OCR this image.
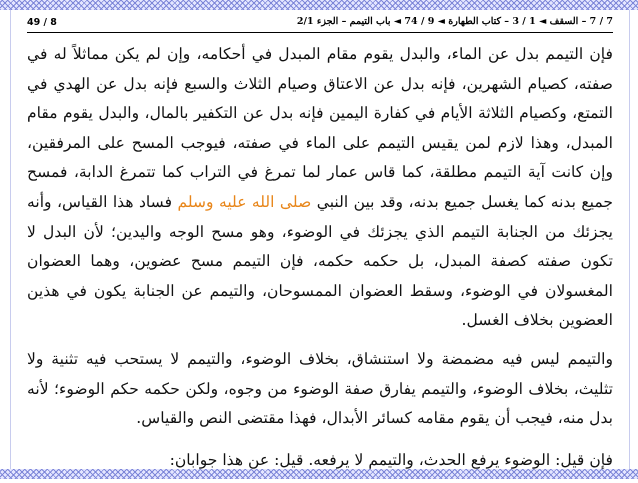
49 / 8	7 / 7 – السقف ◄ 1 / 3 – كتاب الطهارة ◄ 9 / 74 ◄ باب التيمم – الجزء 2/1

فإن التيمم بدل عن الماء، والبدل يقوم مقام المبدل في أحكامه، وإن لم يكن مماثلاً له في صفته، كصيام الشهرين، فإنه بدل عن الاعتاق وصيام الثلاث والسبع فإنه بدل عن الهدي في التمتع، وكصيام الثلاثة الأيام في كفارة اليمين فإنه بدل عن التكفير بالمال، والبدل يقوم مقام المبدل، وهذا لازم لمن يقيس التيمم على الماء في صفته، فيوجب المسح على المرفقين، وإن كانت آية التيمم مطلقة، كما قاس عمار لما تمرغ في التراب كما تتمرغ الدابة، فمسح جميع بدنه كما يغسل جميع بدنه، وقد بين النبي صلى الله عليه وسلم فساد هذا القياس، وأنه يجزئك من الجنابة التيمم الذي يجزئك في الوضوء، وهو مسح الوجه واليدين؛ لأن البدل لا تكون صفته كصفة المبدل، بل حكمه حكمه، فإن التيمم مسح عضوين، وهما العضوان المغسولان في الوضوء، وسقط العضوان الممسوحان، والتيمم عن الجنابة يكون في هذين العضوين بخلاف الغسل.

والتيمم ليس فيه مضمضة ولا استنشاق، بخلاف الوضوء، والتيمم لا يستحب فيه تثنية ولا تثليث، بخلاف الوضوء، والتيمم يفارق صفة الوضوء من وجوه، ولكن حكمه حكم الوضوء؛ لأنه بدل منه، فيجب أن يقوم مقامه كسائر الأبدال، فهذا مقتضى النص والقياس.

فإن قيل: الوضوء يرفع الحدث، والتيمم لا يرفعه. قيل: عن هذا جوابان:
